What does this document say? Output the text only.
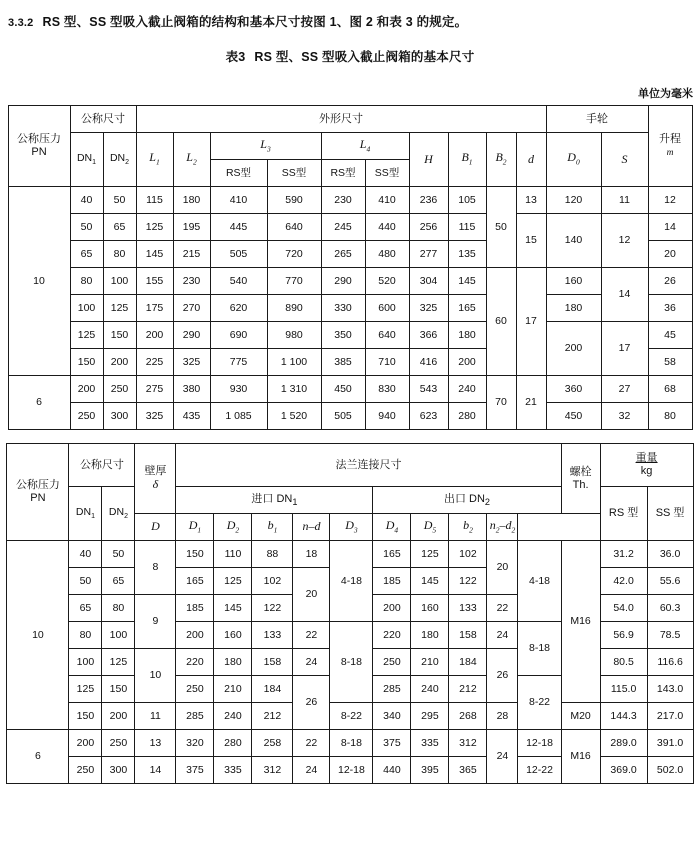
3.3.2 RS 型、SS 型吸入截止阀箱的结构和基本尺寸按图 1、图 2 和表 3 的规定。

表3 RS 型、SS 型吸入截止阀箱的基本尺寸

单位为毫米

公称压力
PN	公称尺寸		外形尺寸										手轮		升程
m
	$DN_1$	$DN_2$	$L_1$	$L_2$	$L_3$		$L_4$		H	$B_1$	$B_2$	d	$D_0$	S	
					RS型	SS型	RS型	SS型							
10	40	50	115	180	410	590	230	410	236	105	50	13	120	11	12
	50	65	125	195	445	640	245	440	256	115		15	140	12	14
	65	80	145	215	505	720	265	480	277	135					20
	80	100	155	230	540	770	290	520	304	145	60	17	160	14	26
	100	125	175	270	620	890	330	600	325	165			180		36
	125	150	200	290	690	980	350	640	366	180			200	17	45
	150	200	225	325	775	1 100	385	710	416	200					58
6	200	250	275	380	930	1 310	450	830	543	240	70	21	360	27	68
	250	300	325	435	1 085	1 520	505	940	623	280			450	32	80
公称压力
PN	公称尺寸		壁厚
δ	法兰连接尺寸										螺栓
Th.	重量
kg	
	$DN_1$	$DN_2$		进口 $DN_1$					出口 $DN_2$						RS 型	SS 型
			D	$D_1$	$D_2$	$b_1$	n–d	$D_3$	$D_4$	$D_5$	$b_2$	$n_2-d_2$
10	40	50	8	150	110	88	18	4-18	165	125	102	20	4-18	M16	31.2	36.0
	50	65		165	125	102	20		185	145	122				42.0	55.6
	65	80	9	185	145	122			200	160	133	22			54.0	60.3
	80	100		200	160	133	22	8-18	220	180	158	24	8-18		56.9	78.5
	100	125	10	220	180	158	24		250	210	184	26			80.5	116.6
	125	150		250	210	184	26		285	240	212		8-22		115.0	143.0
	150	200	11	285	240	212		8-22	340	295	268	28		M20	144.3	217.0
6	200	250	13	320	280	258	22	8-18	375	335	312	24	12-18	M16	289.0	391.0
	250	300	14	375	335	312	24	12-18	440	395	365		12-22		369.0	502.0
